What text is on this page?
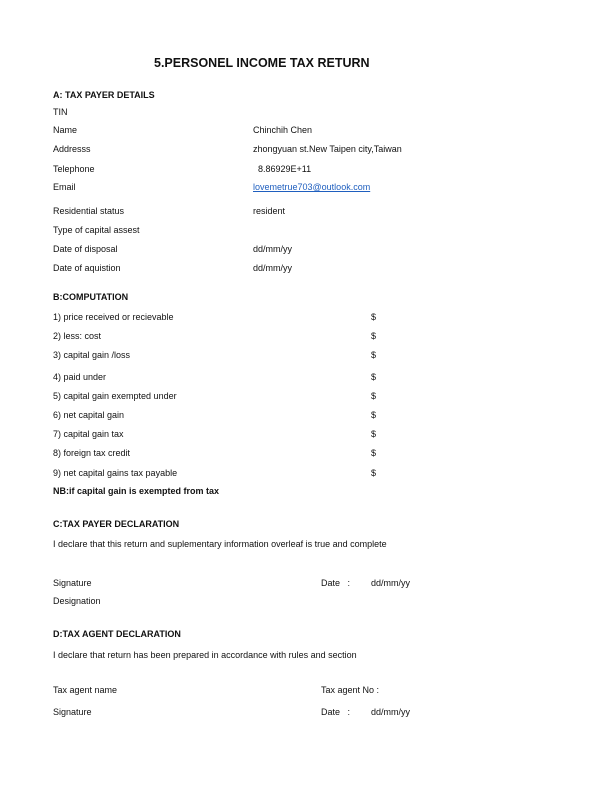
5.PERSONEL INCOME TAX RETURN
A: TAX PAYER DETAILS
TIN
Name	Chinchih Chen
Addresss	zhongyuan st.New Taipen city,Taiwan
Telephone	8.86929E+11
Email	lovemetrue703@outlook.com
Residential status	resident
Type of capital assest
Date of disposal	dd/mm/yy
Date of aquistion	dd/mm/yy
B:COMPUTATION
1) price received or recievable	$
2) less: cost	$
3) capital gain /loss	$
4) paid under	$
5) capital gain exempted under	$
6) net capital gain	$
7) capital gain tax	$
8) foreign tax credit	$
9) net capital gains tax payable	$
NB:if capital gain is exempted from tax
C:TAX PAYER DECLARATION
I declare that this return and suplementary information overleaf is true and complete
Signature	Date   : dd/mm/yy
Designation
D:TAX AGENT DECLARATION
I declare that return has been prepared in accordance with rules and section
Tax agent name	Tax agent No :
Signature	Date   : dd/mm/yy
